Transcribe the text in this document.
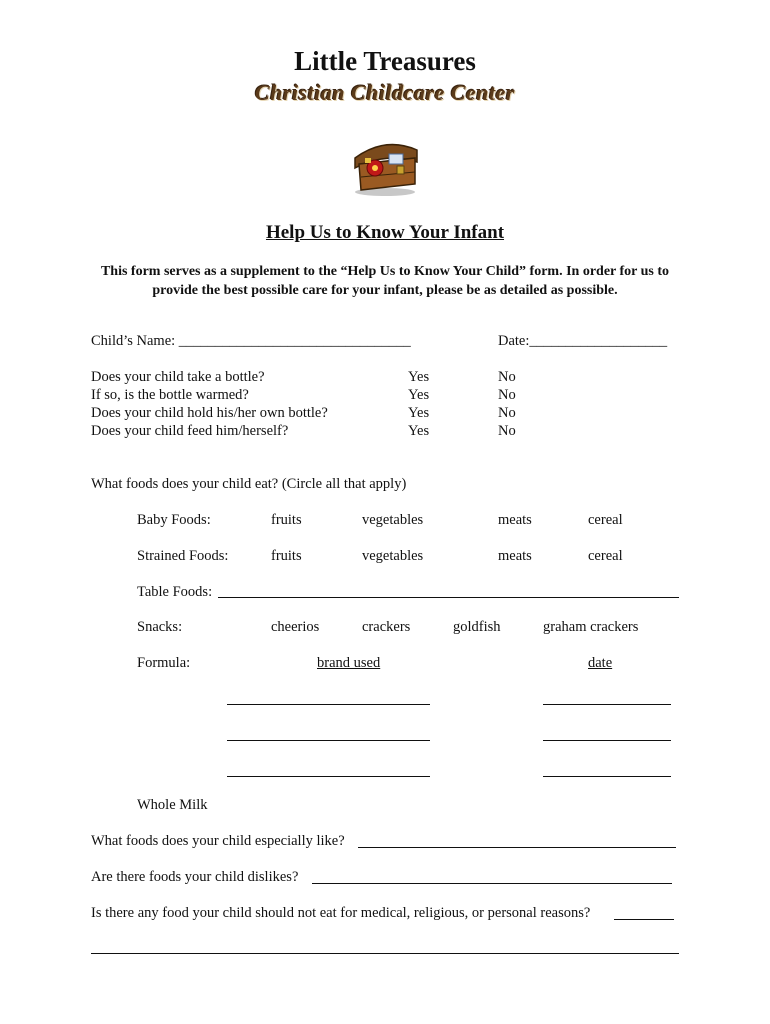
Little Treasures
Christian Childcare Center
Help Us to Know Your Infant
This form serves as a supplement to the “Help Us to Know Your Child” form. In order for us to provide the best possible care for your infant, please be as detailed as possible.
Child’s Name: ________________________________	Date:___________________
Does your child take a bottle?	Yes	No
If so, is the bottle warmed?	Yes	No
Does your child hold his/her own bottle?	Yes	No
Does your child feed him/herself?	Yes	No
What foods does your child eat? (Circle all that apply)
Baby Foods:	fruits	vegetables	meats	cereal
Strained Foods:	fruits	vegetables	meats	cereal
Table Foods:
Snacks:	cheerios	crackers	goldfish	graham crackers
Formula:	brand used	date
Whole Milk
What foods does your child especially like?
Are there foods your child dislikes?
Is there any food your child should not eat for medical, religious, or personal reasons?
